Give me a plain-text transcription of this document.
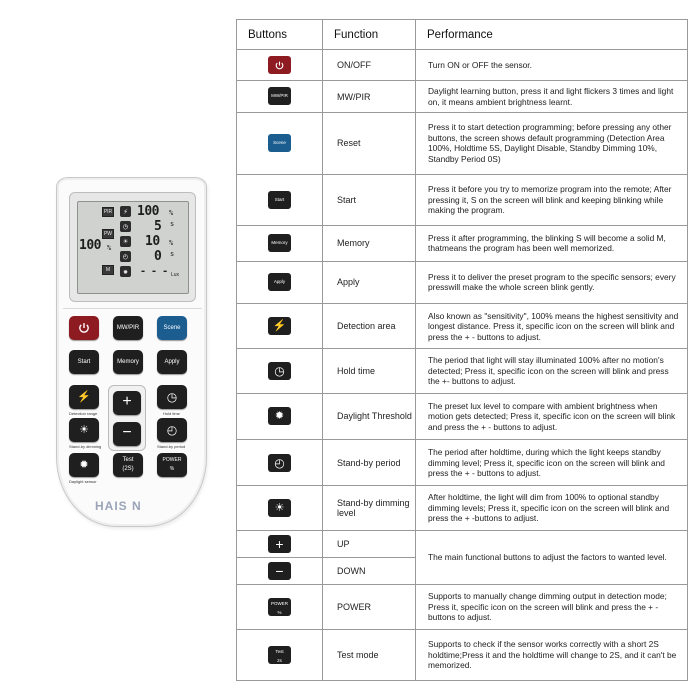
PIR
PW
M
100 %
⚡ 100 %
◷ 5 s
☀ 10 %
◴ 0 s
✹	- - - Lux
MW/PIR	Scene
Start	Memory	Apply
⚡
Detection range
◷
Hold time
+
−
☀
Stand-by dimming
◴
Stand-by period
✹
Daylight sensor
Test
(2S)
POWER
%
HAIS N
Buttons	Function	Performance
	ON/OFF	Turn ON or OFF the sensor.
MW/PIR	MW/PIR	Daylight learning button, press it and light flickers 3 times and light on, it means ambient brightness learnt.
Scene	Reset	Press it to start detection programming; before pressing any other buttons, the screen shows default programming (Detection Area 100%, Holdtime 5S, Daylight Disable, Standby Dimming 10%, Standby Period 0S)
Start	Start	Press it before you try to memorize program into the remote; After pressing it, S on the screen will blink and keeping blinking while making the program.
Memory	Memory	Press it after programming, the blinking S will become a solid M, thatmeans the program has been well memorized.
Apply	Apply	Press it to deliver the preset program to the specific sensors; every presswill make the whole screen blink gently.
⚡	Detection area	Also known as "sensitivity", 100% means the highest sensitivity and longest distance. Press it, specific icon on the screen will blink and press the + - buttons to adjust.
◷	Hold time	The period that light will stay illuminated 100% after no motion's detected; Press it, specific icon on the screen will blink and press the +- buttons to adjust.
✹	Daylight Threshold	The preset lux level to compare with ambient brightness when motion gets detected; Press it, specific icon on the screen will blink and press the + - buttons to adjust.
◴	Stand-by period	The period after holdtime, during which the light keeps standby dimming level; Press it, specific icon on the screen will blink and press the + - buttons to adjust.
☀	Stand-by dimming level	After holdtime, the light will dim from 100% to optional standby dimming levels; Press it, specific icon on the screen will blink and press the + -buttons to adjust.
+	UP	The main functional buttons to adjust the factors to wanted level.
−	DOWN	

POWER
%	POWER	Supports to manually change dimming output in detection mode; Press it, specific icon on the screen will blink and press the + - buttons to adjust.

Test
2s	Test mode	Supports to check if the sensor works correctly with a short 2S holdtime;Press it and the holdtime will change to 2S, and it can't be memorized.
